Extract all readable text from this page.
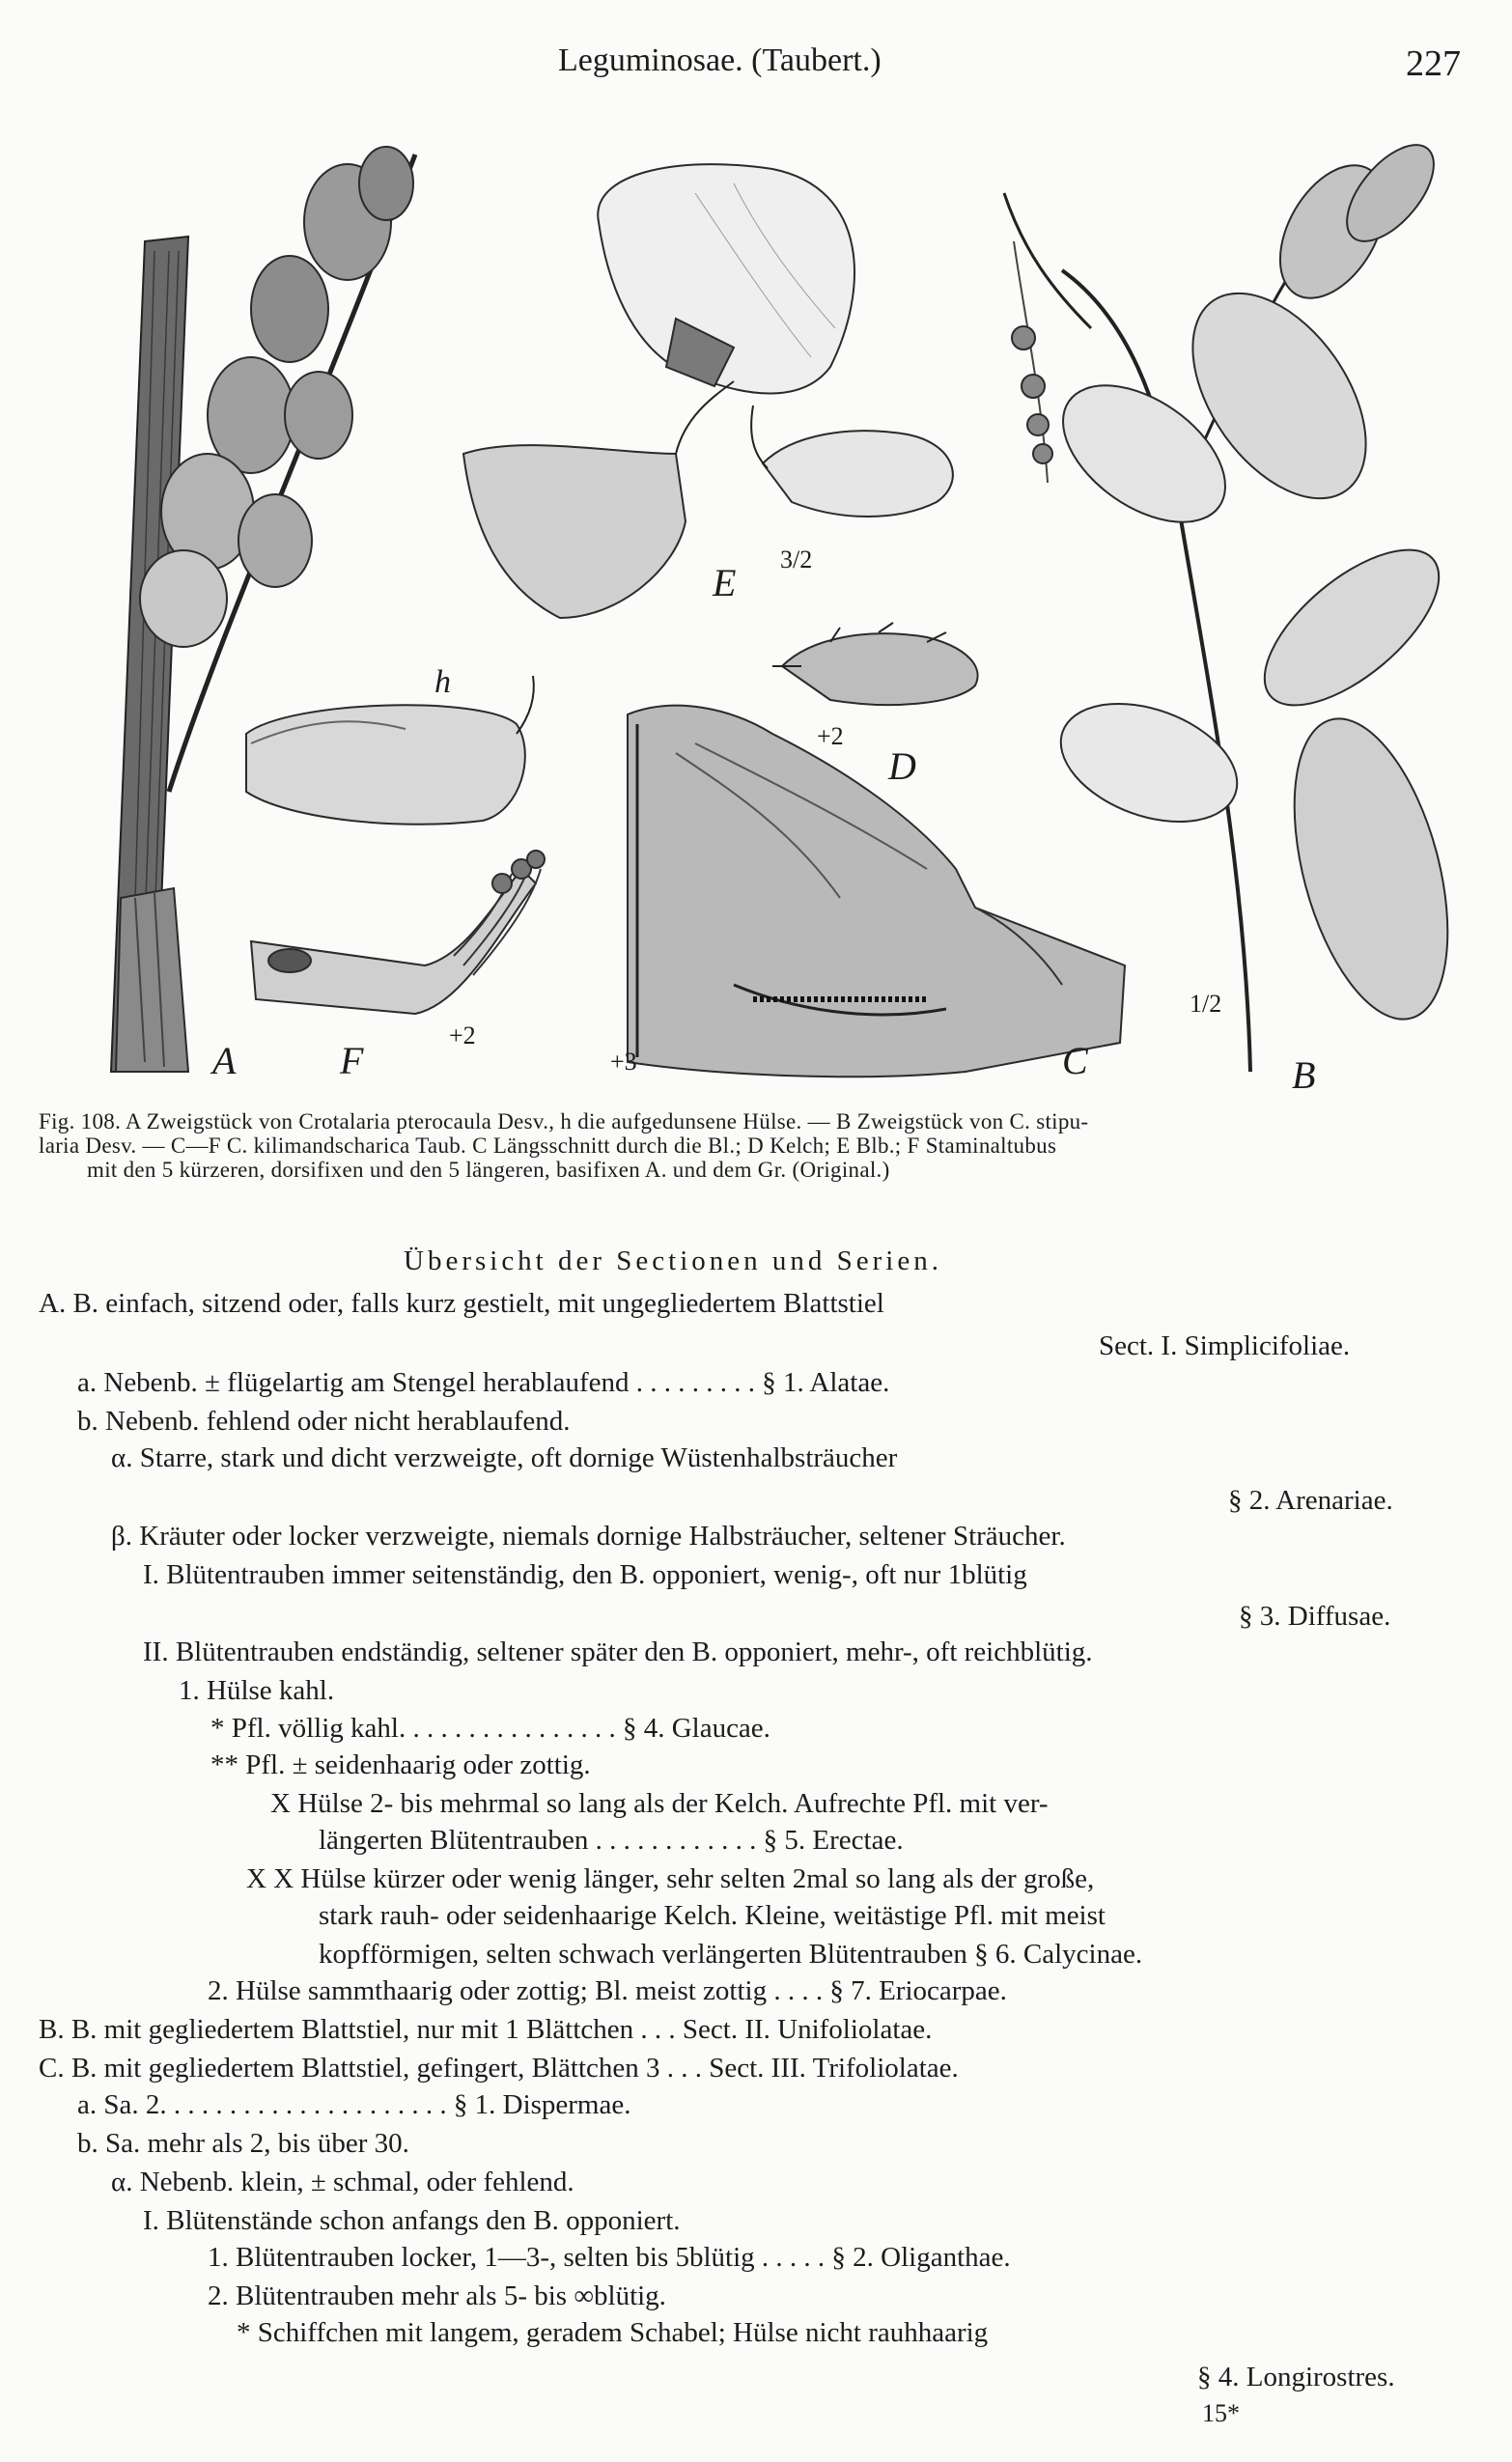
Leguminosae. (Taubert.)	227
A	F
+2
+3	C	B
1/2
D
+2
E
3/2
h
Fig. 108. A Zweigstück von Crotalaria pterocaula Desv., h die aufgedunsene Hülse. — B Zweigstück von C. stipu-
laria Desv. — C—F C. kilimandscharica Taub. C Längsschnitt durch die Bl.; D Kelch; E Blb.; F Staminaltubus
mit den 5 kürzeren, dorsifixen und den 5 längeren, basifixen A. und dem Gr. (Original.)
Übersicht der Sectionen und Serien.
A. B. einfach, sitzend oder, falls kurz gestielt, mit ungegliedertem Blattstiel
Sect. I. Simplicifoliae.
a. Nebenb. ± flügelartig am Stengel herablaufend . . . . . . . . . § 1. Alatae.
b. Nebenb. fehlend oder nicht herablaufend.
α. Starre, stark und dicht verzweigte, oft dornige Wüstenhalbsträucher
§ 2. Arenariae.
β. Kräuter oder locker verzweigte, niemals dornige Halbsträucher, seltener Sträucher.
I. Blütentrauben immer seitenständig, den B. opponiert, wenig-, oft nur 1blütig
§ 3. Diffusae.
II. Blütentrauben endständig, seltener später den B. opponiert, mehr-, oft reichblütig.
1. Hülse kahl.
* Pfl. völlig kahl. . . . . . . . . . . . . . . . § 4. Glaucae.
** Pfl. ± seidenhaarig oder zottig.
X Hülse 2- bis mehrmal so lang als der Kelch. Aufrechte Pfl. mit ver-
längerten Blütentrauben . . . . . . . . . . . . § 5. Erectae.
X X Hülse kürzer oder wenig länger, sehr selten 2mal so lang als der große,
stark rauh- oder seidenhaarige Kelch. Kleine, weitästige Pfl. mit meist
kopfförmigen, selten schwach verlängerten Blütentrauben § 6. Calycinae.
2. Hülse sammthaarig oder zottig; Bl. meist zottig . . . . § 7. Eriocarpae.
B. B. mit gegliedertem Blattstiel, nur mit 1 Blättchen . . . Sect. II. Unifoliolatae.
C. B. mit gegliedertem Blattstiel, gefingert, Blättchen 3 . . . Sect. III. Trifoliolatae.
a. Sa. 2. . . . . . . . . . . . . . . . . . . . . § 1. Dispermae.
b. Sa. mehr als 2, bis über 30.
α. Nebenb. klein, ± schmal, oder fehlend.
I. Blütenstände schon anfangs den B. opponiert.
1. Blütentrauben locker, 1—3-, selten bis 5blütig . . . . . § 2. Oliganthae.
2. Blütentrauben mehr als 5- bis ∞blütig.
* Schiffchen mit langem, geradem Schabel; Hülse nicht rauhhaarig
§ 4. Longirostres.
15*
